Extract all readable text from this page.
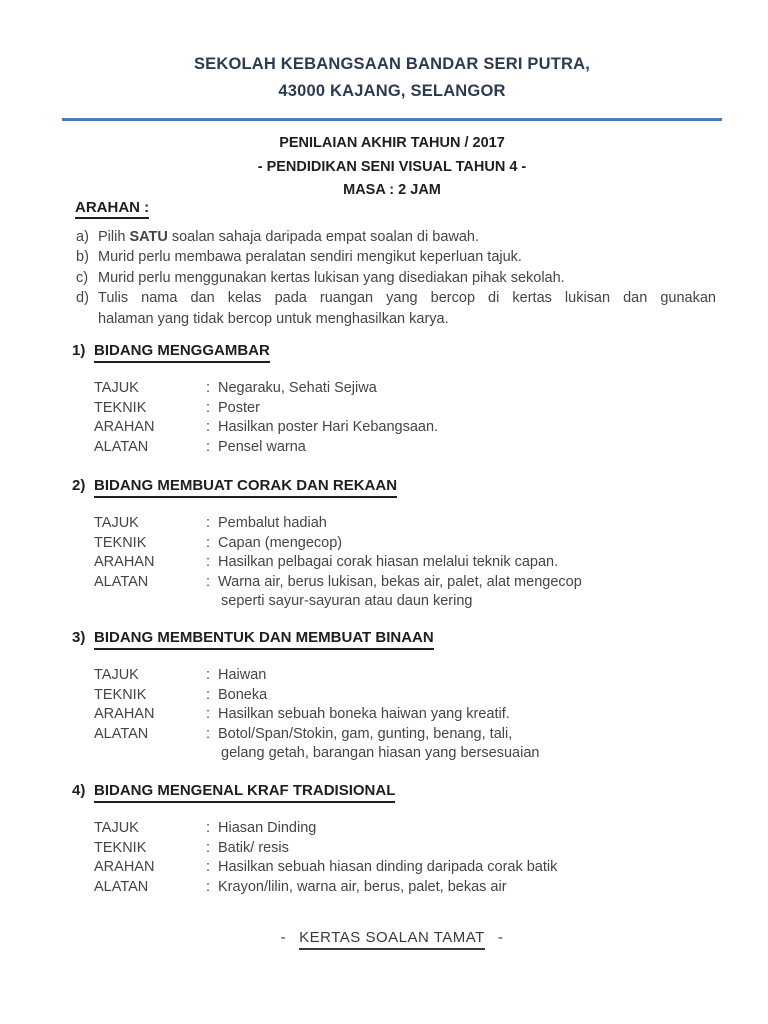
SEKOLAH KEBANGSAAN BANDAR SERI PUTRA,
43000 KAJANG, SELANGOR
PENILAIAN AKHIR TAHUN / 2017
- PENDIDIKAN SENI VISUAL TAHUN 4 -
MASA : 2 JAM
ARAHAN :
a) Pilih SATU soalan sahaja daripada empat soalan di bawah.
b) Murid perlu membawa peralatan sendiri mengikut keperluan tajuk.
c) Murid perlu menggunakan kertas lukisan yang disediakan pihak sekolah.
d) Tulis nama dan kelas pada ruangan yang bercop di kertas lukisan dan gunakan
halaman yang tidak bercop untuk menghasilkan karya.
1) BIDANG MENGGAMBAR
TAJUK	: Negaraku, Sehati Sejiwa
TEKNIK	: Poster
ARAHAN	: Hasilkan poster Hari Kebangsaan.
ALATAN	: Pensel warna
2) BIDANG MEMBUAT CORAK DAN REKAAN
TAJUK	: Pembalut hadiah
TEKNIK	: Capan (mengecop)
ARAHAN	: Hasilkan pelbagai corak hiasan melalui teknik capan.
ALATAN	: Warna air, berus lukisan, bekas air, palet, alat mengecop
seperti sayur-sayuran atau daun kering
3) BIDANG MEMBENTUK DAN MEMBUAT BINAAN
TAJUK	: Haiwan
TEKNIK	: Boneka
ARAHAN	: Hasilkan sebuah boneka haiwan yang kreatif.
ALATAN	: Botol/Span/Stokin, gam, gunting, benang, tali,
gelang getah, barangan hiasan yang bersesuaian
4) BIDANG MENGENAL KRAF TRADISIONAL
TAJUK	: Hiasan Dinding
TEKNIK	: Batik/ resis
ARAHAN	: Hasilkan sebuah hiasan dinding daripada corak batik
ALATAN	: Krayon/lilin, warna air, berus, palet, bekas air
- KERTAS SOALAN TAMAT -
